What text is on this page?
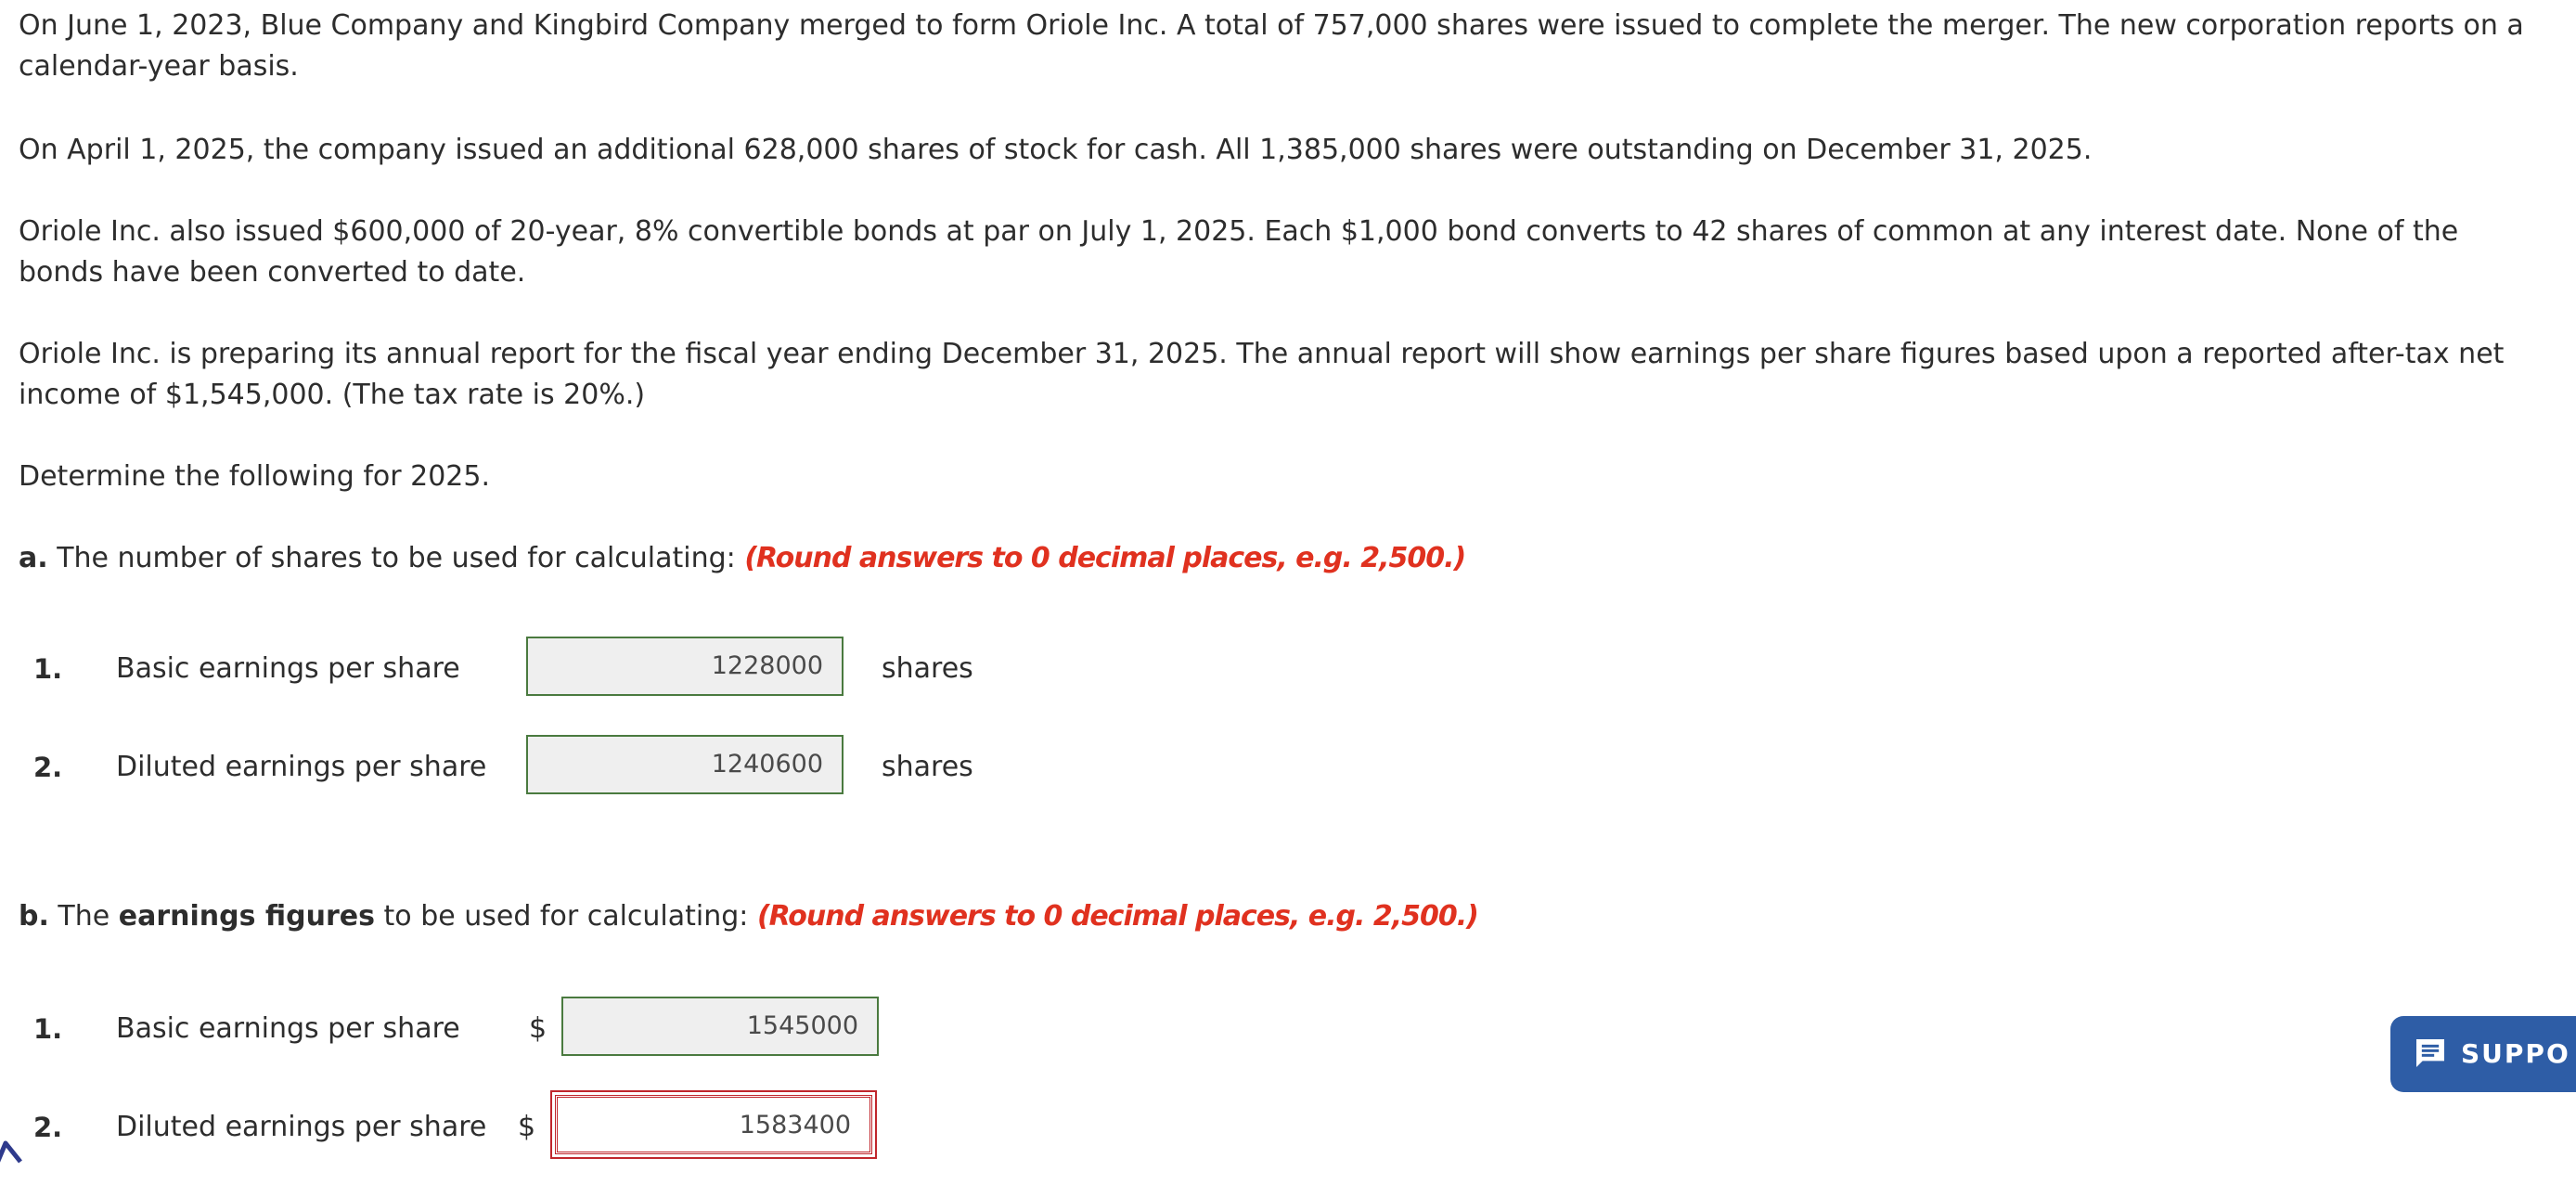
On June 1, 2023, Blue Company and Kingbird Company merged to form Oriole Inc. A total of 757,000 shares were issued to complete the merger. The new corporation reports on a calendar-year basis.

On April 1, 2025, the company issued an additional 628,000 shares of stock for cash. All 1,385,000 shares were outstanding on December 31, 2025.

Oriole Inc. also issued $600,000 of 20-year, 8% convertible bonds at par on July 1, 2025. Each $1,000 bond converts to 42 shares of common at any interest date. None of the bonds have been converted to date.

Oriole Inc. is preparing its annual report for the fiscal year ending December 31, 2025. The annual report will show earnings per share figures based upon a reported after-tax net income of $1,545,000. (The tax rate is 20%.)

Determine the following for 2025.

a. The number of shares to be used for calculating: (Round answers to 0 decimal places, e.g. 2,500.)

1. Basic earnings per share	1228000	shares
2. Diluted earnings per share	1240600	shares

b. The earnings figures to be used for calculating: (Round answers to 0 decimal places, e.g. 2,500.)

1. Basic earnings per share $	1545000
2. Diluted earnings per share $	1583400
SUPPO
